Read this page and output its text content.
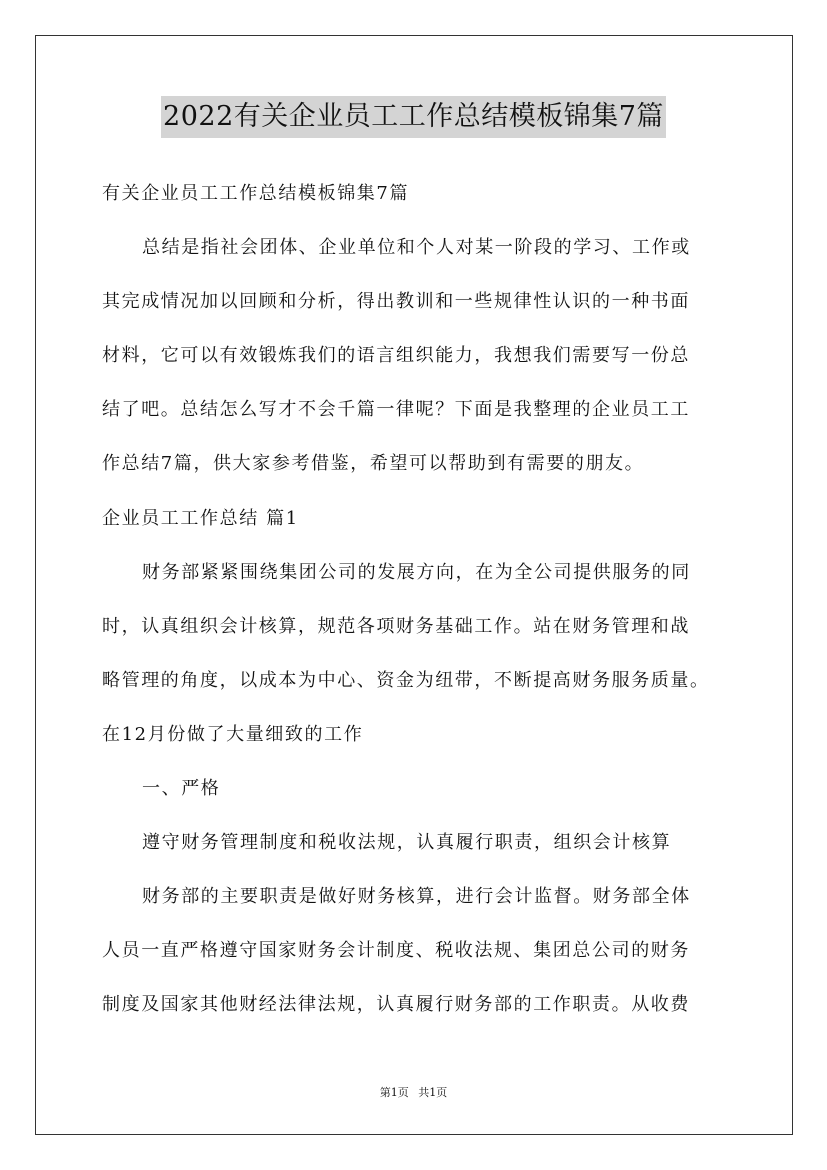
2022有关企业员工工作总结模板锦集7篇
有关企业员工工作总结模板锦集7篇
总结是指社会团体、企业单位和个人对某一阶段的学习、工作或
其完成情况加以回顾和分析，得出教训和一些规律性认识的一种书面
材料，它可以有效锻炼我们的语言组织能力，我想我们需要写一份总
结了吧。总结怎么写才不会千篇一律呢？下面是我整理的企业员工工
作总结7篇，供大家参考借鉴，希望可以帮助到有需要的朋友。
企业员工工作总结 篇1
财务部紧紧围绕集团公司的发展方向，在为全公司提供服务的同
时，认真组织会计核算，规范各项财务基础工作。站在财务管理和战
略管理的角度，以成本为中心、资金为纽带，不断提高财务服务质量。
在12月份做了大量细致的工作
一、严格
遵守财务管理制度和税收法规，认真履行职责，组织会计核算
财务部的主要职责是做好财务核算，进行会计监督。财务部全体
人员一直严格遵守国家财务会计制度、税收法规、集团总公司的财务
制度及国家其他财经法律法规，认真履行财务部的工作职责。从收费
第1页 共1页
